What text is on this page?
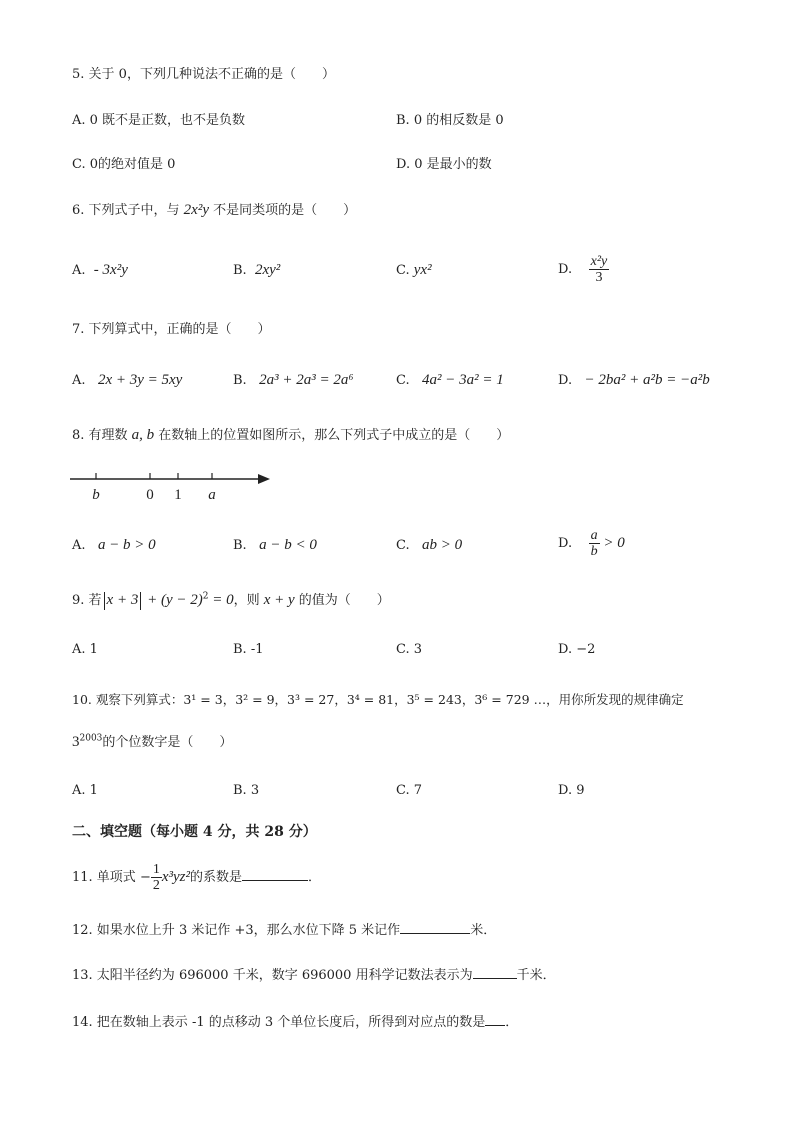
5. 关于 0，下列几种说法不正确的是（　　）
A. 0 既不是正数，也不是负数	B. 0 的相反数是 0
C. 0的绝对值是 0	D. 0 是最小的数
6. 下列式子中，与 2x²y 不是同类项的是（　　）
A. - 3x²y	B. 2xy²	C. yx²	D. $\frac{\text{x²y}}{3}$
7. 下列算式中，正确的是（　　）
A. 2x + 3y = 5xy	B. 2a³ + 2a³ = 2a⁶	C. 4a² − 3a² = 1	D. − 2ba² + a²b = −a²b
8. 有理数 a, b 在数轴上的位置如图所示，那么下列式子中成立的是（　　）
b	0 1 a
A. a − b > 0	B. a − b < 0	C. ab > 0	D. $\frac{a}{b} > 0$
9. 若 $x + 3 + (y - 2)^2 = 0$，则 x + y 的值为（　　）
A. 1	B. -1	C. 3	D. −2
10. 观察下列算式：3¹ = 3，3² = 9，3³ = 27，3⁴ = 81，3⁵ = 243，3⁶ = 729 …，用你所发现的规律确定
$3^{2003}$的个位数字是（　　）
A. 1	B. 3	C. 7	D. 9
二、填空题（每小题 4 分，共 28 分）
11. 单项式 − $\frac{1}{2} x^3yz^2$的系数是	．
12. 如果水位上升 3 米记作 +3，那么水位下降 5 米记作	米．
13. 太阳半径约为 696000 千米，数字 696000 用科学记数法表示为	千米．
14. 把在数轴上表示 -1 的点移动 3 个单位长度后，所得到对应点的数是 ．
